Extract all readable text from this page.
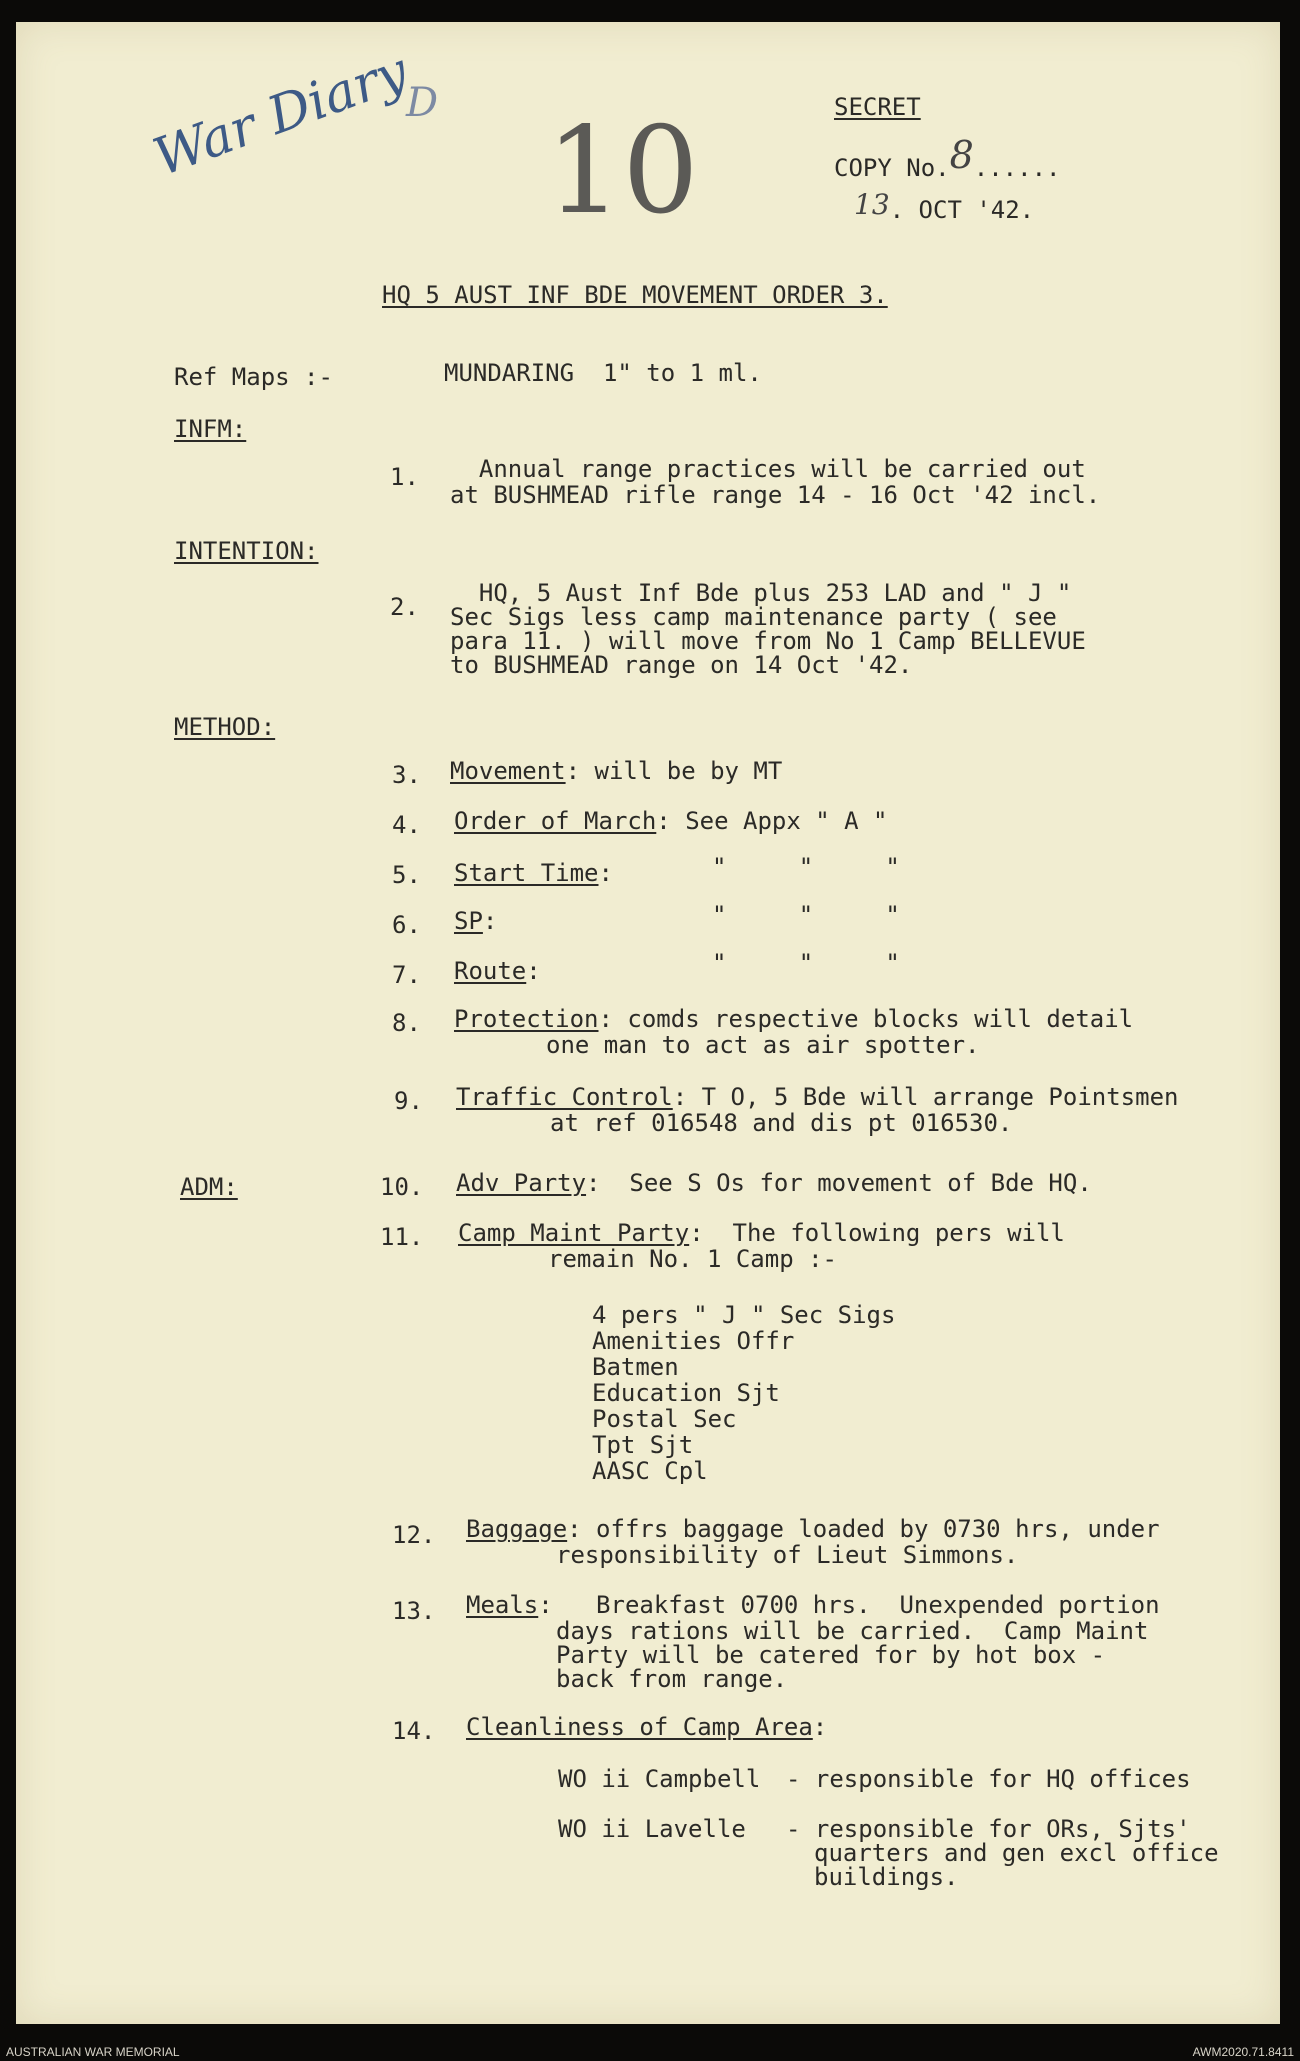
War Diary
D 10	SECRET
COPY No.8......
13. OCT '42.
HQ 5 AUST INF BDE MOVEMENT ORDER 3.
Ref Maps :-	MUNDARING  1" to 1 ml.
INFM:
1. Annual range practices will be carried out
at BUSHMEAD rifle range 14 - 16 Oct '42 incl.
INTENTION:
2. HQ, 5 Aust Inf Bde plus 253 LAD and " J "
Sec Sigs less camp maintenance party ( see
para 11. ) will move from No 1 Camp BELLEVUE
to BUSHMEAD range on 14 Oct '42.
METHOD:
3. Movement: will be by MT
4. Order of March: See Appx " A "
5. Start Time:	"     "     "
6. SP:	"     "     "
7. Route:	"     "     "
8. Protection: comds respective blocks will detail
one man to act as air spotter.
9. Traffic Control: T O, 5 Bde will arrange Pointsmen
at ref 016548 and dis pt 016530.
ADM:	10. Adv Party:  See S Os for movement of Bde HQ.
11. Camp Maint Party:  The following pers will
remain No. 1 Camp :-
4 pers " J " Sec Sigs
Amenities Offr
Batmen
Education Sjt
Postal Sec
Tpt Sjt
AASC Cpl
12. Baggage: offrs baggage loaded by 0730 hrs, under
responsibility of Lieut Simmons.
13. Meals:   Breakfast 0700 hrs.  Unexpended portion
days rations will be carried.  Camp Maint
Party will be catered for by hot box -
back from range.
14. Cleanliness of Camp Area:
WO ii Campbell - responsible for HQ offices
WO ii Lavelle - responsible for ORs, Sjts'
quarters and gen excl office
buildings.
AUSTRALIAN WAR MEMORIAL	AWM2020.71.8411
